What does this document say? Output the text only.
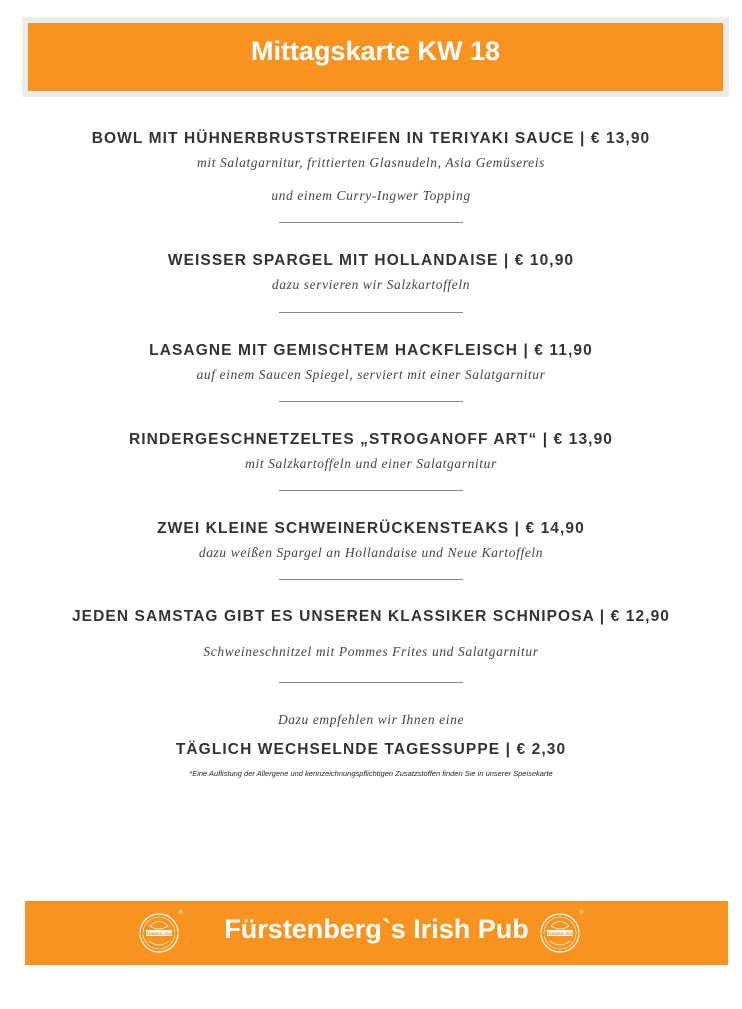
Mittagskarte KW 18
BOWL MIT HÜHNERBRUSTSTREIFEN IN TERIYAKI SAUCE | € 13,90
mit Salatgarnitur, frittierten Glasnudeln, Asia Gemüsereis
und einem Curry-Ingwer Topping
WEISSER SPARGEL MIT HOLLANDAISE | € 10,90
dazu servieren wir Salzkartoffeln
LASAGNE MIT GEMISCHTEM HACKFLEISCH | € 11,90
auf einem Saucen Spiegel, serviert mit einer Salatgarnitur
RINDERGESCHNETZELTES „STROGANOFF ART“ | € 13,90
mit Salzkartoffeln und einer Salatgarnitur
ZWEI KLEINE SCHWEINERÜCKENSTEAKS | € 14,90
dazu weißen Spargel an Hollandaise und Neue Kartoffeln
JEDEN SAMSTAG GIBT ES UNSEREN KLASSIKER SCHNIPOSA | € 12,90
Schweineschnitzel mit Pommes Frites und Salatgarnitur
Dazu empfehlen wir Ihnen eine
TÄGLICH WECHSELNDE TAGESSUPPE | € 2,30
*Eine Auflistung der Allergene und kennzeichnungspflichtigen Zusatzstoffen finden Sie in unserer Speisekarte
FÜRSTENBERG IRISH PUB
®
Fürstenberg`s Irish Pub	FÜRSTENBERG IRISH PUB
®
